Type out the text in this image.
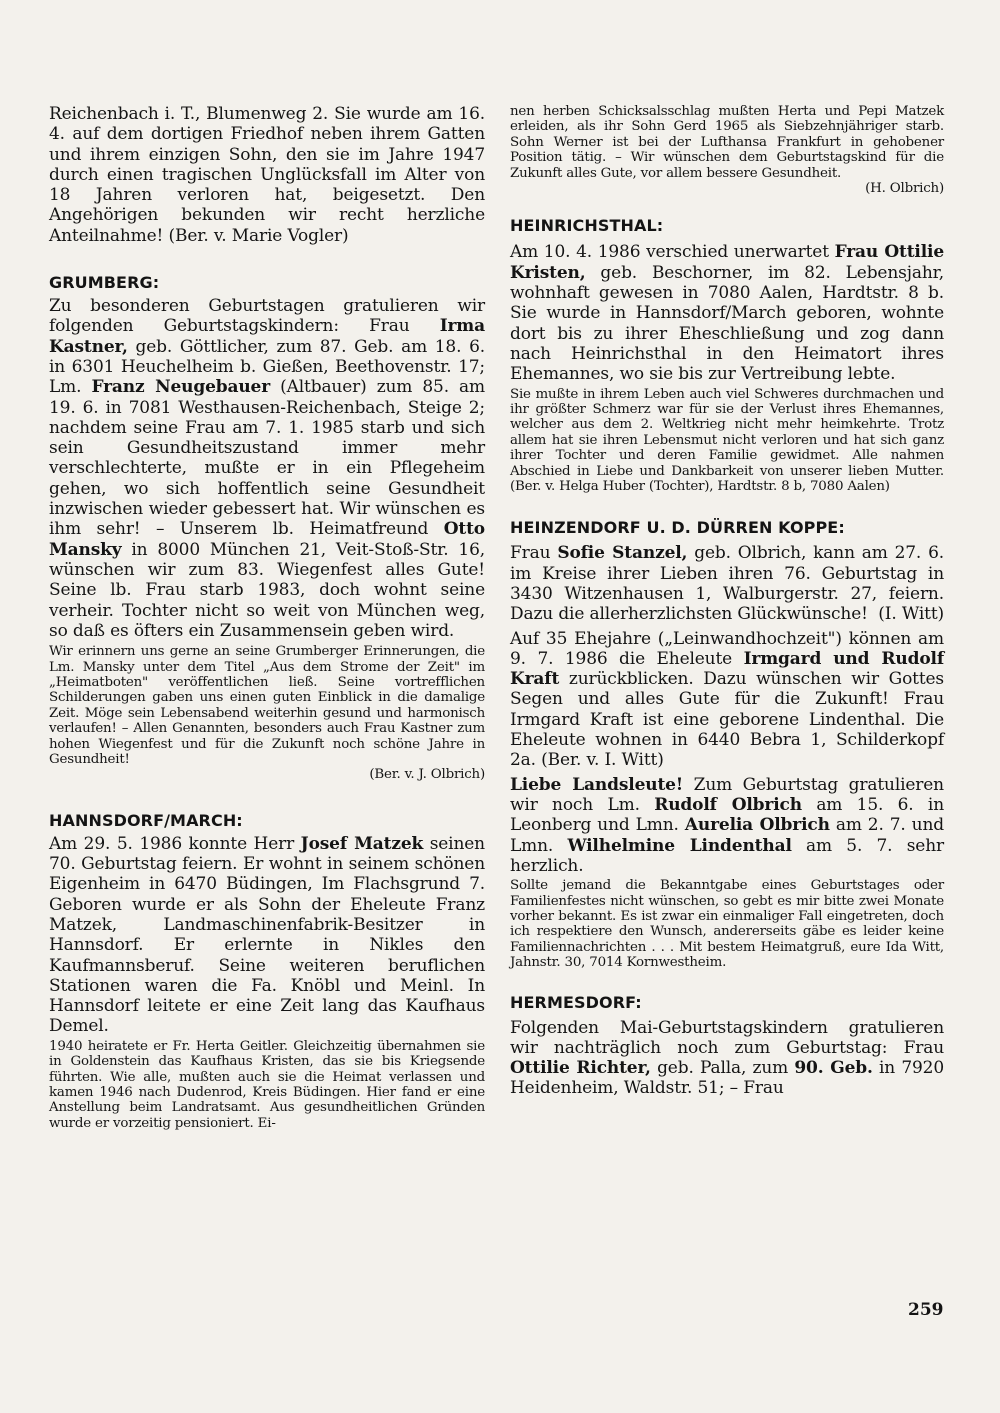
Reichenbach i. T., Blumenweg 2. Sie wurde am 16. 4. auf dem dortigen Friedhof neben ihrem Gatten und ihrem einzigen Sohn, den sie im Jahre 1947 durch einen tragischen Unglücksfall im Alter von 18 Jahren verloren hat, beigesetzt. Den Angehörigen bekunden wir recht herzliche Anteilnahme! (Ber. v. Marie Vogler)

GRUMBERG:

Zu besonderen Geburtstagen gratulieren wir folgenden Geburtstagskindern: Frau Irma Kastner, geb. Göttlicher, zum 87. Geb. am 18. 6. in 6301 Heuchelheim b. Gießen, Beethovenstr. 17; Lm. Franz Neugebauer (Altbauer) zum 85. am 19. 6. in 7081 Westhausen-Reichenbach, Steige 2; nachdem seine Frau am 7. 1. 1985 starb und sich sein Gesundheitszustand immer mehr verschlechterte, mußte er in ein Pflegeheim gehen, wo sich hoffentlich seine Gesundheit inzwischen wieder gebessert hat. Wir wünschen es ihm sehr! – Unserem lb. Heimatfreund Otto Mansky in 8000 München 21, Veit-Stoß-Str. 16, wünschen wir zum 83. Wiegenfest alles Gute! Seine lb. Frau starb 1983, doch wohnt seine verheir. Tochter nicht so weit von München weg, so daß es öfters ein Zusammensein geben wird.

Wir erinnern uns gerne an seine Grumberger Erinnerungen, die Lm. Mansky unter dem Titel „Aus dem Strome der Zeit" im „Heimatboten" veröffentlichen ließ. Seine vortrefflichen Schilderungen gaben uns einen guten Einblick in die damalige Zeit. Möge sein Lebensabend weiterhin gesund und harmonisch verlaufen! – Allen Genannten, besonders auch Frau Kastner zum hohen Wiegenfest und für die Zukunft noch schöne Jahre in Gesundheit!
(Ber. v. J. Olbrich)

HANNSDORF/MARCH:

Am 29. 5. 1986 konnte Herr Josef Matzek seinen 70. Geburtstag feiern. Er wohnt in seinem schönen Eigenheim in 6470 Büdingen, Im Flachsgrund 7. Geboren wurde er als Sohn der Eheleute Franz Matzek, Landmaschinenfabrik-Besitzer in Hannsdorf. Er erlernte in Nikles den Kaufmannsberuf. Seine weiteren beruflichen Stationen waren die Fa. Knöbl und Meinl. In Hannsdorf leitete er eine Zeit lang das Kaufhaus Demel.

1940 heiratete er Fr. Herta Geitler. Gleichzeitig übernahmen sie in Goldenstein das Kaufhaus Kristen, das sie bis Kriegsende führten. Wie alle, mußten auch sie die Heimat verlassen und kamen 1946 nach Dudenrod, Kreis Büdingen. Hier fand er eine Anstellung beim Landratsamt. Aus gesundheitlichen Gründen wurde er vorzeitig pensioniert. Ei-

nen herben Schicksalsschlag mußten Herta und Pepi Matzek erleiden, als ihr Sohn Gerd 1965 als Siebzehnjähriger starb. Sohn Werner ist bei der Lufthansa Frankfurt in gehobener Position tätig. – Wir wünschen dem Geburtstagskind für die Zukunft alles Gute, vor allem bessere Gesundheit.
(H. Olbrich)

HEINRICHSTHAL:

Am 10. 4. 1986 verschied unerwartet Frau Ottilie Kristen, geb. Beschorner, im 82. Lebensjahr, wohnhaft gewesen in 7080 Aalen, Hardtstr. 8 b. Sie wurde in Hannsdorf/March geboren, wohnte dort bis zu ihrer Eheschließung und zog dann nach Heinrichsthal in den Heimatort ihres Ehemannes, wo sie bis zur Vertreibung lebte.

Sie mußte in ihrem Leben auch viel Schweres durchmachen und ihr größter Schmerz war für sie der Verlust ihres Ehemannes, welcher aus dem 2. Weltkrieg nicht mehr heimkehrte. Trotz allem hat sie ihren Lebensmut nicht verloren und hat sich ganz ihrer Tochter und deren Familie gewidmet. Alle nahmen Abschied in Liebe und Dankbarkeit von unserer lieben Mutter. (Ber. v. Helga Huber (Tochter), Hardtstr. 8 b, 7080 Aalen)

HEINZENDORF U. D. DÜRREN KOPPE:

Frau Sofie Stanzel, geb. Olbrich, kann am 27. 6. im Kreise ihrer Lieben ihren 76. Geburtstag in 3430 Witzenhausen 1, Walburgerstr. 27, feiern. Dazu die allerherzlichsten Glückwünsche! (I. Witt)

Auf 35 Ehejahre („Leinwandhochzeit") können am 9. 7. 1986 die Eheleute Irmgard und Rudolf Kraft zurückblicken. Dazu wünschen wir Gottes Segen und alles Gute für die Zukunft! Frau Irmgard Kraft ist eine geborene Lindenthal. Die Eheleute wohnen in 6440 Bebra 1, Schilderkopf 2a. (Ber. v. I. Witt)

Liebe Landsleute! Zum Geburtstag gratulieren wir noch Lm. Rudolf Olbrich am 15. 6. in Leonberg und Lmn. Aurelia Olbrich am 2. 7. und Lmn. Wilhelmine Lindenthal am 5. 7. sehr herzlich.

Sollte jemand die Bekanntgabe eines Geburtstages oder Familienfestes nicht wünschen, so gebt es mir bitte zwei Monate vorher bekannt. Es ist zwar ein einmaliger Fall eingetreten, doch ich respektiere den Wunsch, andererseits gäbe es leider keine Familiennachrichten . . . Mit bestem Heimatgruß, eure Ida Witt, Jahnstr. 30, 7014 Kornwestheim.

HERMESDORF:

Folgenden Mai-Geburtstagskindern gratulieren wir nachträglich noch zum Geburtstag: Frau Ottilie Richter, geb. Palla, zum 90. Geb. in 7920 Heidenheim, Waldstr. 51; – Frau

259
